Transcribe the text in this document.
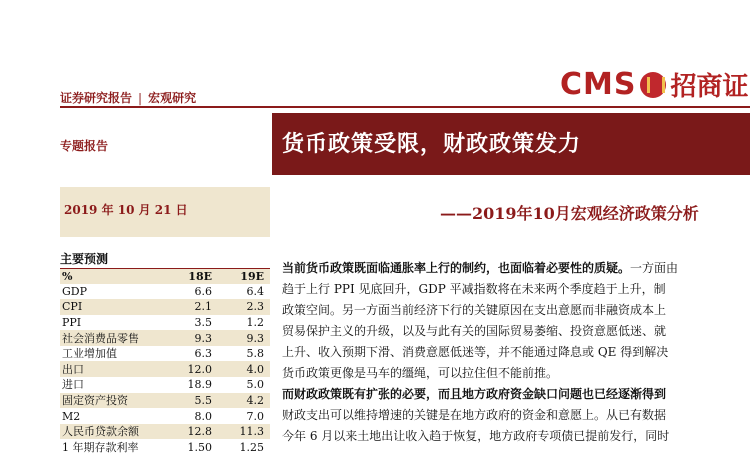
证券研究报告 | 宏观研究	CMS 招商证
专题报告	货币政策受限，财政政策发力
2019 年 10 月 21 日	——2019年10月宏观经济政策分析
主要预测
%	18E	19E
GDP	6.6	6.4
CPI	2.1	2.3
PPI	3.5	1.2
社会消费品零售	9.3	9.3
工业增加值	6.3	5.8
出口	12.0	4.0
进口	18.9	5.0
固定资产投资	5.5	4.2
M2	8.0	7.0
人民币贷款余额	12.8	11.3
1 年期存款利率	1.50	1.25
当前货币政策既面临通胀率上行的制约，也面临着必要性的质疑。一方面由
趋于上行 PPI 见底回升，GDP 平减指数将在未来两个季度趋于上升，制
政策空间。另一方面当前经济下行的关键原因在支出意愿而非融资成本上
贸易保护主义的升级，以及与此有关的国际贸易萎缩、投资意愿低迷、就
上升、收入预期下滑、消费意愿低迷等，并不能通过降息或 QE 得到解决
货币政策更像是马车的缰绳，可以拉住但不能前推。
而财政政策既有扩张的必要，而且地方政府资金缺口问题也已经逐渐得到
财政支出可以维持增速的关键是在地方政府的资金和意愿上。从已有数据
今年 6 月以来土地出让收入趋于恢复，地方政府专项债已提前发行，同时
